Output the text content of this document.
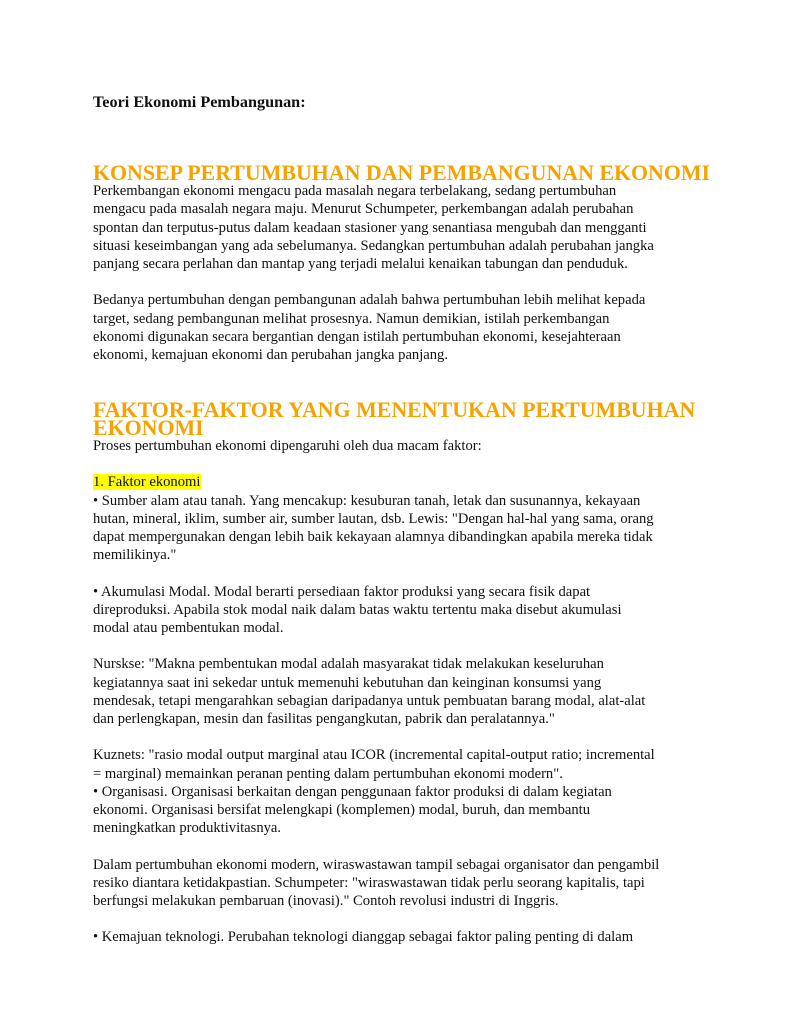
Teori Ekonomi Pembangunan:
KONSEP PERTUMBUHAN DAN PEMBANGUNAN EKONOMI

Perkembangan ekonomi mengacu pada masalah negara terbelakang, sedang pertumbuhan
mengacu pada masalah negara maju. Menurut Schumpeter, perkembangan adalah perubahan
spontan dan terputus-putus dalam keadaan stasioner yang senantiasa mengubah dan mengganti
situasi keseimbangan yang ada sebelumanya. Sedangkan pertumbuhan adalah perubahan jangka
panjang secara perlahan dan mantap yang terjadi melalui kenaikan tabungan dan penduduk.

Bedanya pertumbuhan dengan pembangunan adalah bahwa pertumbuhan lebih melihat kepada
target, sedang pembangunan melihat prosesnya. Namun demikian, istilah perkembangan
ekonomi digunakan secara bergantian dengan istilah pertumbuhan ekonomi, kesejahteraan
ekonomi, kemajuan ekonomi dan perubahan jangka panjang.

FAKTOR-FAKTOR YANG MENENTUKAN PERTUMBUHAN EKONOMI

Proses pertumbuhan ekonomi dipengaruhi oleh dua macam faktor:

1. Faktor ekonomi

• Sumber alam atau tanah. Yang mencakup: kesuburan tanah, letak dan susunannya, kekayaan
hutan, mineral, iklim, sumber air, sumber lautan, dsb. Lewis: "Dengan hal-hal yang sama, orang
dapat mempergunakan dengan lebih baik kekayaan alamnya dibandingkan apabila mereka tidak
memilikinya."

• Akumulasi Modal. Modal berarti persediaan faktor produksi yang secara fisik dapat
direproduksi. Apabila stok modal naik dalam batas waktu tertentu maka disebut akumulasi
modal atau pembentukan modal.

Nurskse: "Makna pembentukan modal adalah masyarakat tidak melakukan keseluruhan
kegiatannya saat ini sekedar untuk memenuhi kebutuhan dan keinginan konsumsi yang
mendesak, tetapi mengarahkan sebagian daripadanya untuk pembuatan barang modal, alat-alat
dan perlengkapan, mesin dan fasilitas pengangkutan, pabrik dan peralatannya."

Kuznets: "rasio modal output marginal atau ICOR (incremental capital-output ratio; incremental
= marginal) memainkan peranan penting dalam pertumbuhan ekonomi modern".
• Organisasi. Organisasi berkaitan dengan penggunaan faktor produksi di dalam kegiatan
ekonomi. Organisasi bersifat melengkapi (komplemen) modal, buruh, dan membantu
meningkatkan produktivitasnya.

Dalam pertumbuhan ekonomi modern, wiraswastawan tampil sebagai organisator dan pengambil
resiko diantara ketidakpastian. Schumpeter: "wiraswastawan tidak perlu seorang kapitalis, tapi
berfungsi melakukan pembaruan (inovasi)." Contoh revolusi industri di Inggris.

• Kemajuan teknologi. Perubahan teknologi dianggap sebagai faktor paling penting di dalam
